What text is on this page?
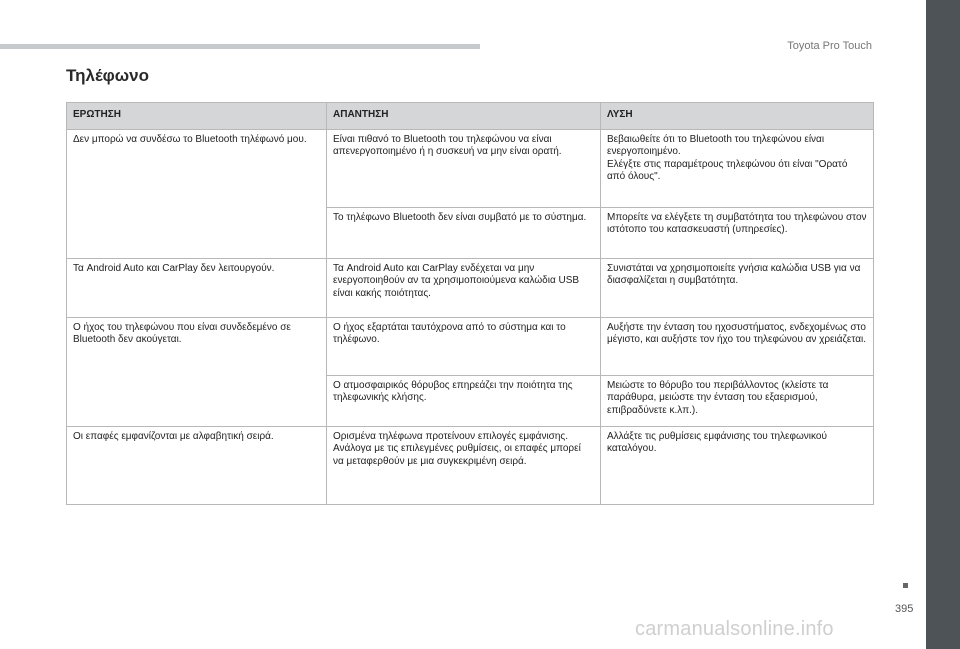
Toyota Pro Touch
Τηλέφωνο
ΕΡΩΤΗΣΗ	ΑΠΑΝΤΗΣΗ	ΛΥΣΗ
Δεν μπορώ να συνδέσω το Bluetooth τηλέφωνό μου.	Είναι πιθανό το Bluetooth του τηλεφώνου να είναι απενεργοποιημένο ή η συσκευή να μην είναι ορατή.	Βεβαιωθείτε ότι το Bluetooth του τηλεφώνου είναι ενεργοποιημένο.
Ελέγξτε στις παραμέτρους τηλεφώνου ότι είναι "Ορατό από όλους".

	Το τηλέφωνο Bluetooth δεν είναι συμβατό με το σύστημα.	Μπορείτε να ελέγξετε τη συμβατότητα του τηλεφώνου στον ιστότοπο του κατασκευαστή (υπηρεσίες).

Τα Android Auto και CarPlay δεν λειτουργούν.	Τα Android Auto και CarPlay ενδέχεται να μην ενεργοποιηθούν αν τα χρησιμοποιούμενα καλώδια USB είναι κακής ποιότητας.	Συνιστάται να χρησιμοποιείτε γνήσια καλώδια USB για να διασφαλίζεται η συμβατότητα.

Ο ήχος του τηλεφώνου που είναι συνδεδεμένο σε Bluetooth δεν ακούγεται.	Ο ήχος εξαρτάται ταυτόχρονα από το σύστημα και το τηλέφωνο.	Αυξήστε την ένταση του ηχοσυστήματος, ενδεχομένως στο μέγιστο, και αυξήστε τον ήχο του τηλεφώνου αν χρειάζεται.

	Ο ατμοσφαιρικός θόρυβος επηρεάζει την ποιότητα της τηλεφωνικής κλήσης.	Μειώστε το θόρυβο του περιβάλλοντος (κλείστε τα παράθυρα, μειώστε την ένταση του εξαερισμού, επιβραδύνετε κ.λπ.).

Οι επαφές εμφανίζονται με αλφαβητική σειρά.	Ορισμένα τηλέφωνα προτείνουν επιλογές εμφάνισης. Ανάλογα με τις επιλεγμένες ρυθμίσεις, οι επαφές μπορεί να μεταφερθούν με μια συγκεκριμένη σειρά.	Αλλάξτε τις ρυθμίσεις εμφάνισης του τηλεφωνικού καταλόγου.
395
carmanualsonline.info
